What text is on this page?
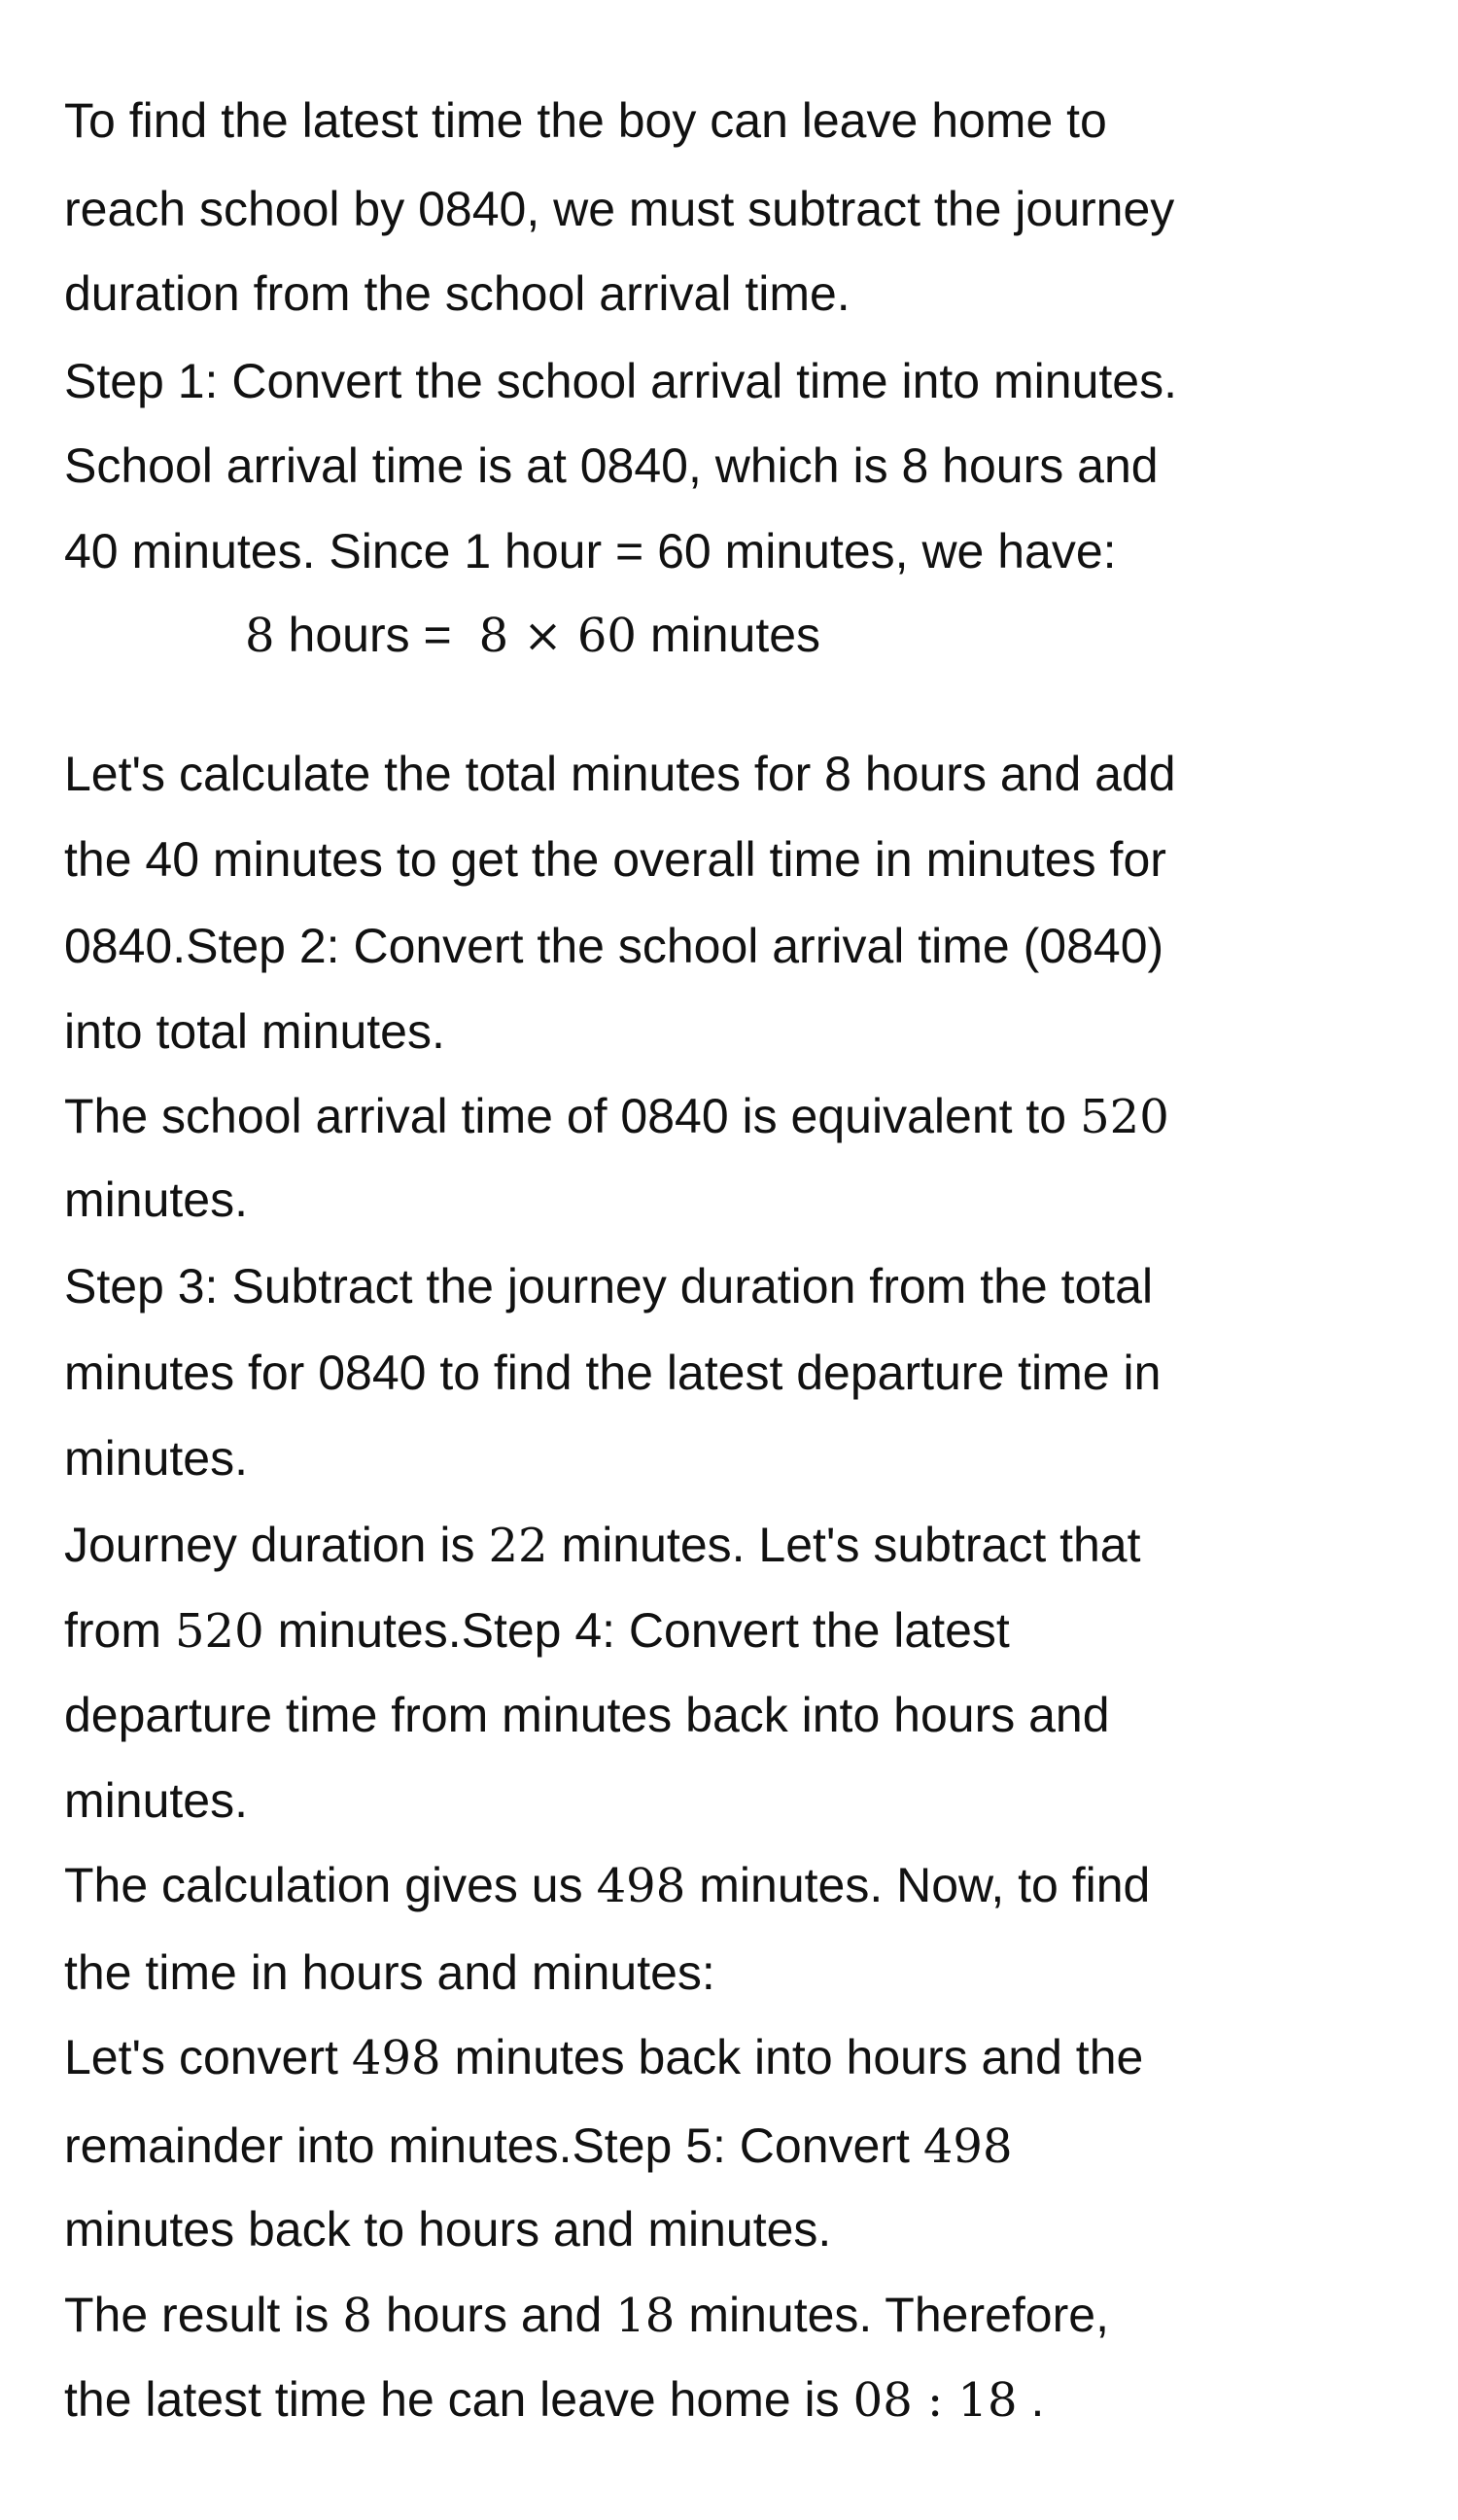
To find the latest time the boy can leave home to
reach school by 0840, we must subtract the journey
duration from the school arrival time.
Step 1: Convert the school arrival time into minutes.
School arrival time is at 0840, which is 8 hours and
40 minutes. Since 1 hour = 60 minutes, we have:
8 hours = 8 × 60 minutes
Let's calculate the total minutes for 8 hours and add
the 40 minutes to get the overall time in minutes for
0840.Step 2: Convert the school arrival time (0840)
into total minutes.
The school arrival time of 0840 is equivalent to 520
minutes.
Step 3: Subtract the journey duration from the total
minutes for 0840 to find the latest departure time in
minutes.
Journey duration is 22 minutes. Let's subtract that
from 520 minutes.Step 4: Convert the latest
departure time from minutes back into hours and
minutes.
The calculation gives us 498 minutes. Now, to find
the time in hours and minutes:
Let's convert 498 minutes back into hours and the
remainder into minutes.Step 5: Convert 498
minutes back to hours and minutes.
The result is 8 hours and 18 minutes. Therefore,
the latest time he can leave home is 08 : 18 .
